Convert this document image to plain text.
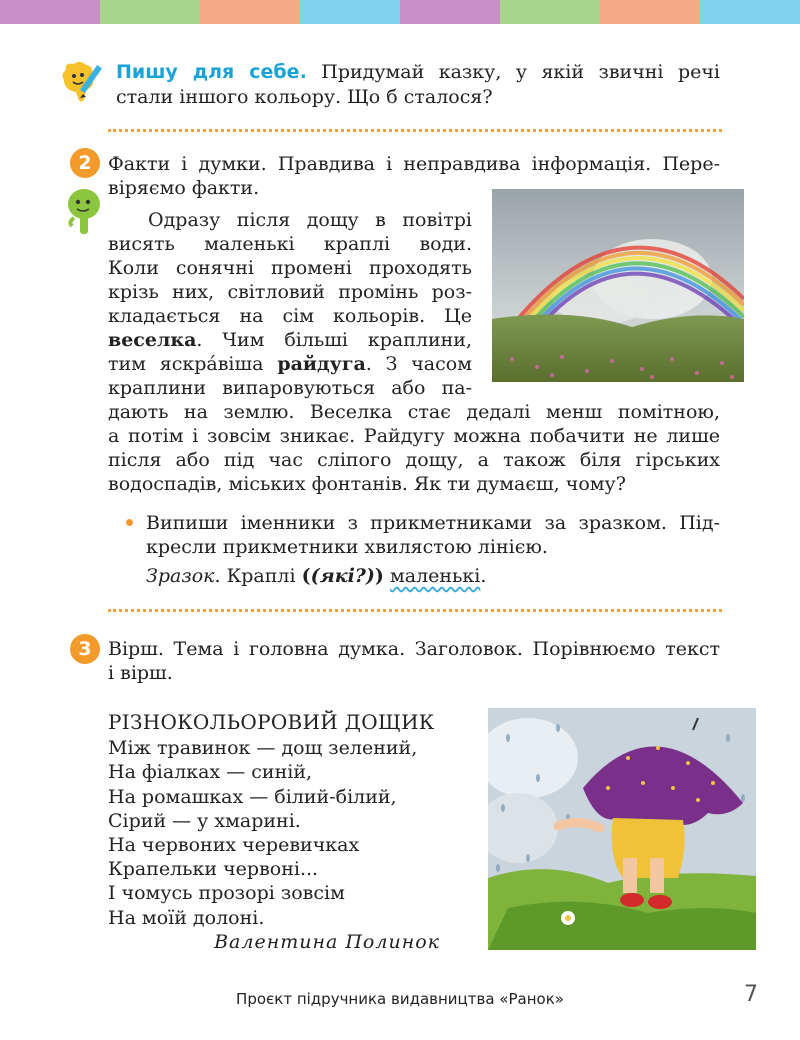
Пишу для себе. Придумай казку, у якій звичні речі
стали іншого кольору. Що б сталося?
2 Факти і думки. Правдива і неправдива інформація. Пере-
віряємо факти.
Одразу після дощу в повітрі
висять маленькі краплі води.
Коли сонячні промені проходять
крізь них, світловий промінь роз-
кладається на сім кольорів. Це
веселка. Чим більші краплини,
тим яскра́віша райдуга. З часом
краплини випаровуються або па-
дають на землю. Веселка стає дедалі менш помітною,
а потім і зовсім зникає. Райдугу можна побачити не лише
після або під час сліпого дощу, а також біля гірських
водоспадів, міських фонтанів. Як ти думаєш, чому?
Випиши іменники з прикметниками за зразком. Під-
кресли прикметники хвилястою лінією.
Зразок. Краплі ((які?)) маленькі.
3 Вірш. Тема і головна думка. Заголовок. Порівнюємо текст
і вірш.
РІЗНОКОЛЬОРОВИЙ ДОЩИК
Між травинок — дощ зелений,
На фіалках — синій,
На ромашках — білий-білий,
Сірий — у хмарині.
На червоних черевичках
Крапельки червоні...
І чомусь прозорі зовсім
На моїй долоні.
Валентина Полинок
Проєкт підручника видавництва «Ранок»	7
